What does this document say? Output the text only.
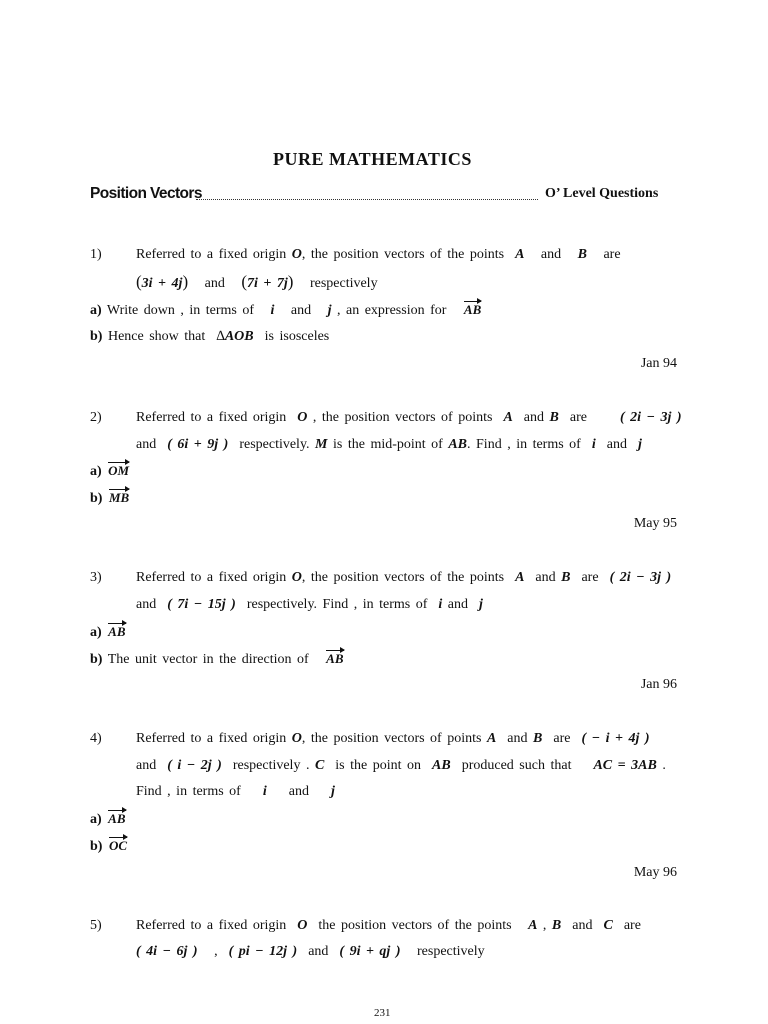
PURE MATHEMATICS
Position Vectors	O’ Level Questions
1) Referred to a fixed origin O, the position vectors of the points A and B are
(3i + 4j)   and   (7i + 7j) respectively
a) Write down , in terms of i   and   j , an expression for AB
b) Hence show that ∆AOB is isosceles
Jan 94
2) Referred to a fixed origin O , the position vectors of points A and B are ( 2i − 3j )
and ( 6i + 9j ) respectively. M is the mid-point of AB. Find , in terms of i  and  j
a) OM
b) MB
May 95
3) Referred to a fixed origin O, the position vectors of the points A and B are ( 2i − 3j )
and ( 7i − 15j ) respectively. Find , in terms of i and  j
a) AB
b) The unit vector in the direction of AB
Jan 96
4) Referred to a fixed origin O, the position vectors of points A and B are ( − i + 4j )
and ( i − 2j ) respectively . C is the point on AB produced such that AC = 3AB .
Find , in terms of i    and    j
a) AB
b) OC
May 96
5) Referred to a fixed origin O the position vectors of the points A , B and C are
( 4i − 6j )   ,  ( pi − 12j ) and ( 9i + qj ) respectively
231
